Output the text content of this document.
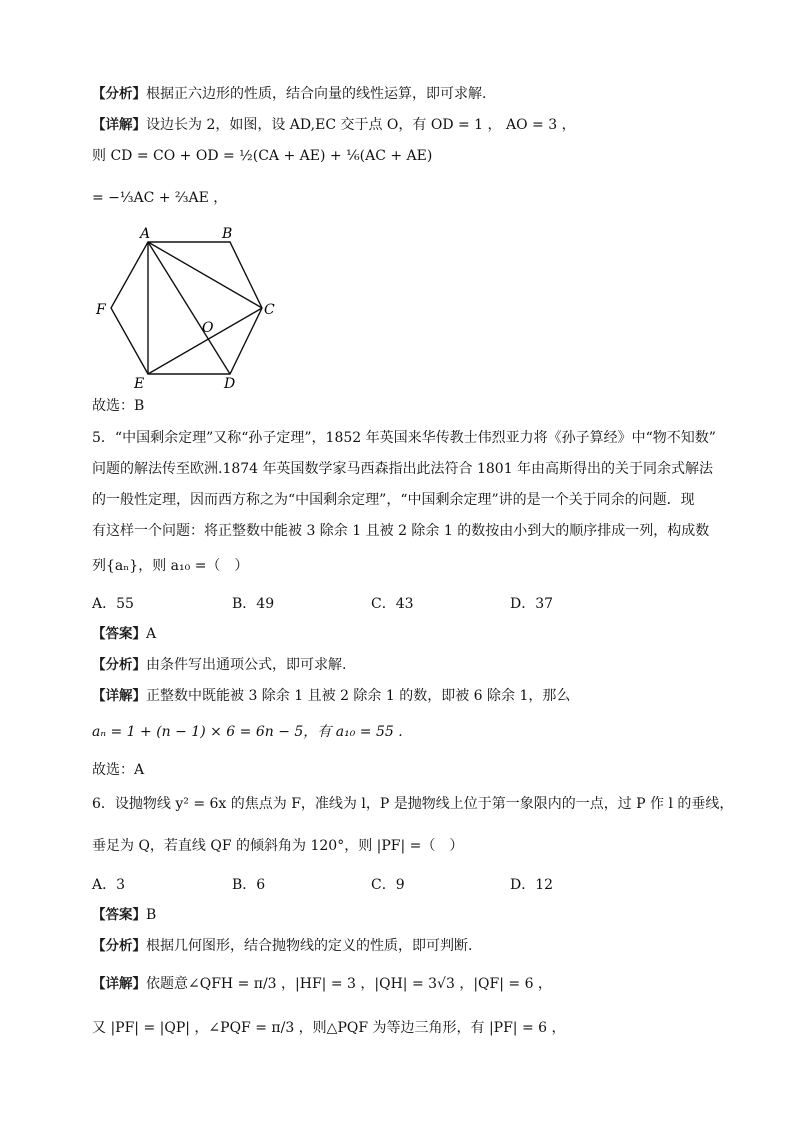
【分析】根据正六边形的性质，结合向量的线性运算，即可求解.
【详解】设边长为 2，如图，设 AD,EC 交于点 O，有 OD = 1 ， AO = 3 ，
则 CD = CO + OD = ½(CA + AE) + ⅙(AC + AE)
= −⅓AC + ⅔AE ，
A	B
C
D
E
F
O
故选：B
5．“中国剩余定理”又称“孙子定理”，1852 年英国来华传教士伟烈亚力将《孙子算经》中“物不知数”
问题的解法传至欧洲.1874 年英国数学家马西森指出此法符合 1801 年由高斯得出的关于同余式解法
的一般性定理，因而西方称之为“中国剩余定理”，“中国剩余定理”讲的是一个关于同余的问题．现
有这样一个问题：将正整数中能被 3 除余 1 且被 2 除余 1 的数按由小到大的顺序排成一列，构成数
列{aₙ}，则 a₁₀ =（　）
A．55	B．49	C．43	D．37
【答案】A
【分析】由条件写出通项公式，即可求解.
【详解】正整数中既能被 3 除余 1 且被 2 除余 1 的数，即被 6 除余 1，那么
aₙ = 1 + (n − 1) × 6 = 6n − 5，有 a₁₀ = 55 .
故选：A
6．设抛物线 y² = 6x 的焦点为 F，准线为 l，P 是抛物线上位于第一象限内的一点，过 P 作 l 的垂线，
垂足为 Q，若直线 QF 的倾斜角为 120°，则 |PF| =（　）
A．3	B．6	C．9	D．12
【答案】B
【分析】根据几何图形，结合抛物线的定义的性质，即可判断.
【详解】依题意∠QFH = π/3 ，|HF| = 3 ，|QH| = 3√3 ，|QF| = 6 ，
又 |PF| = |QP| ，∠PQF = π/3 ，则△PQF 为等边三角形，有 |PF| = 6 ，
